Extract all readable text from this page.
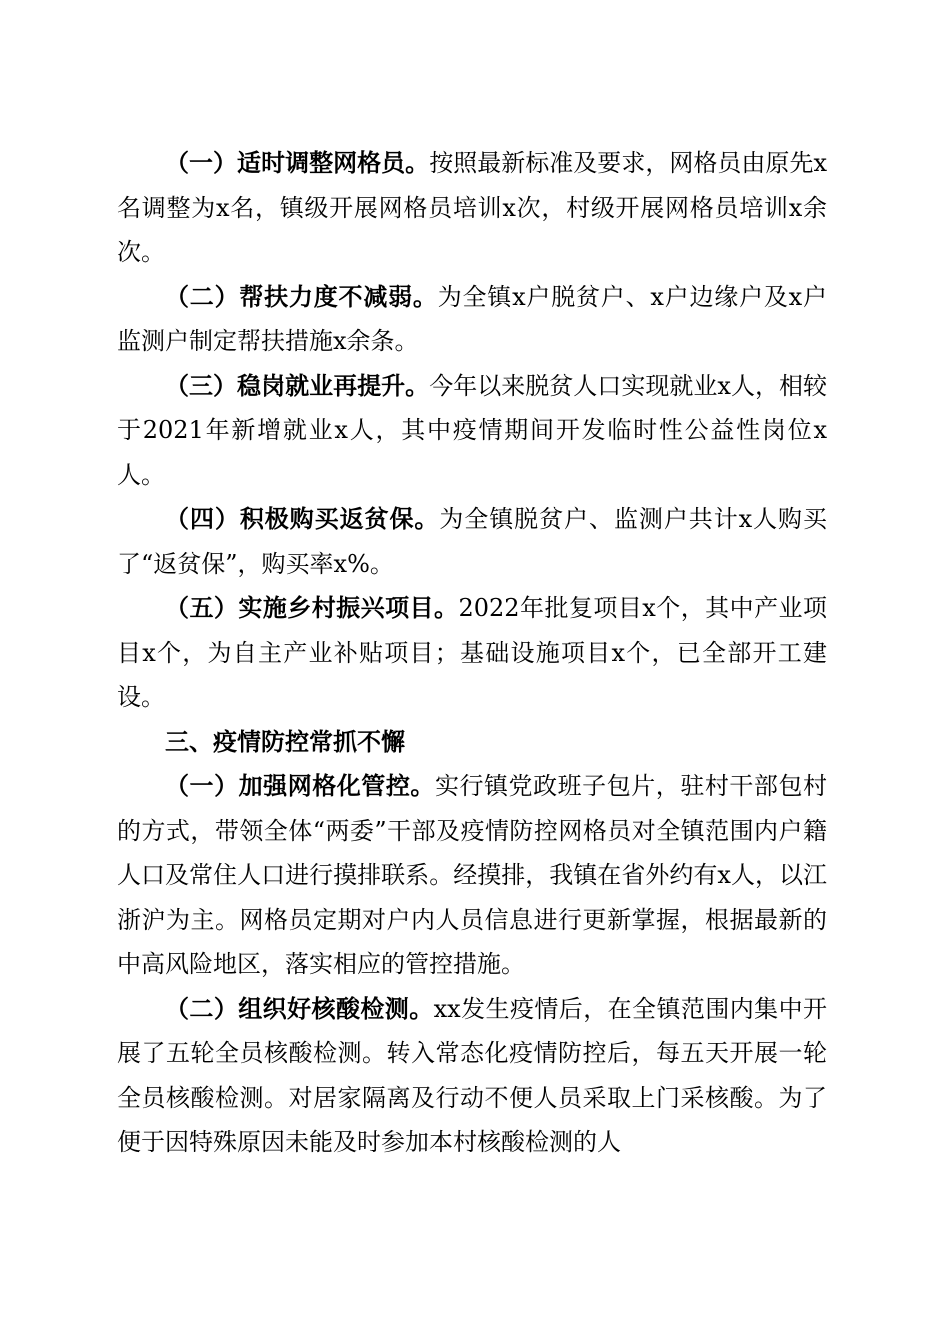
（一）适时调整网格员。按照最新标准及要求，网格员由原先x名调整为x名，镇级开展网格员培训x次，村级开展网格员培训x余次。

（二）帮扶力度不减弱。为全镇x户脱贫户、x户边缘户及x户监测户制定帮扶措施x余条。

（三）稳岗就业再提升。今年以来脱贫人口实现就业x人，相较于2021年新增就业x人，其中疫情期间开发临时性公益性岗位x人。

（四）积极购买返贫保。为全镇脱贫户、监测户共计x人购买了“返贫保”，购买率x%。

（五）实施乡村振兴项目。2022年批复项目x个，其中产业项目x个，为自主产业补贴项目；基础设施项目x个，已全部开工建设。

三、疫情防控常抓不懈

（一）加强网格化管控。实行镇党政班子包片，驻村干部包村的方式，带领全体“两委”干部及疫情防控网格员对全镇范围内户籍人口及常住人口进行摸排联系。经摸排，我镇在省外约有x人，以江浙沪为主。网格员定期对户内人员信息进行更新掌握，根据最新的中高风险地区，落实相应的管控措施。

（二）组织好核酸检测。xx发生疫情后，在全镇范围内集中开展了五轮全员核酸检测。转入常态化疫情防控后，每五天开展一轮全员核酸检测。对居家隔离及行动不便人员采取上门采核酸。为了便于因特殊原因未能及时参加本村核酸检测的人
